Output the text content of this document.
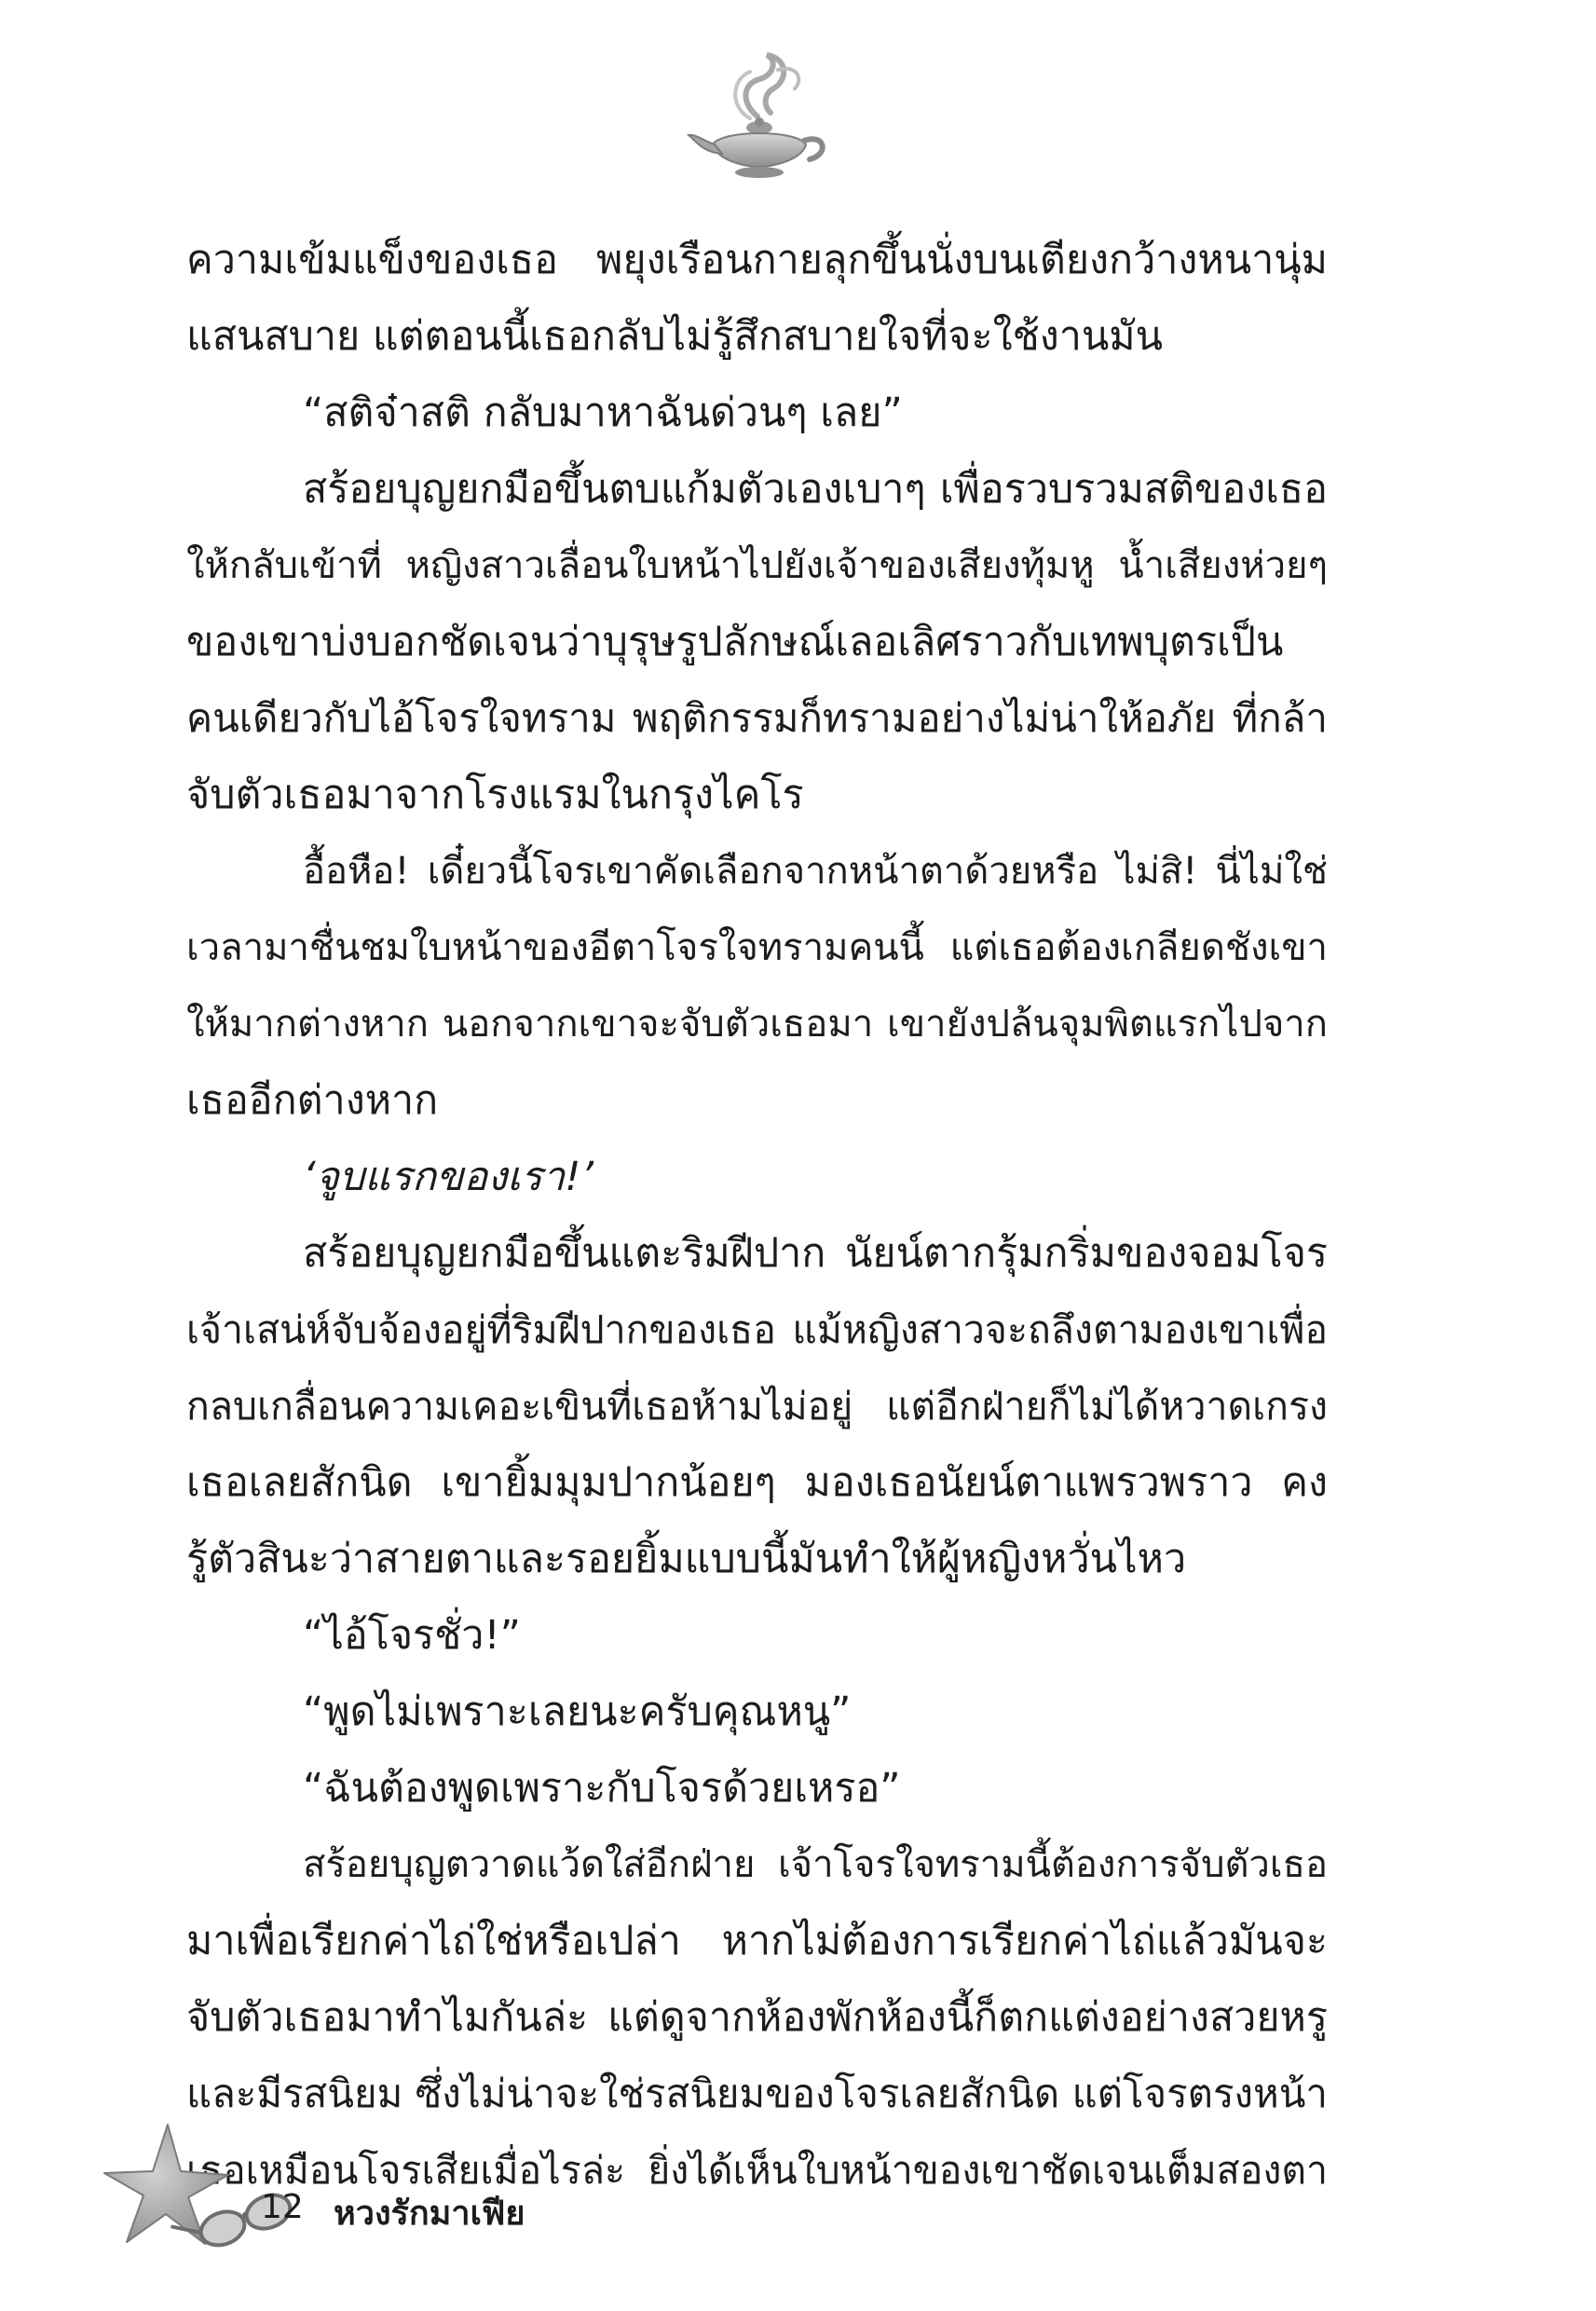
ความเข้มแข็งของเธอ พยุงเรือนกายลุกขึ้นนั่งบนเตียงกว้างหนานุ่ม
แสนสบาย แต่ตอนนี้เธอกลับไม่รู้สึกสบายใจที่จะใช้งานมัน
“สติจ๋าสติ กลับมาหาฉันด่วนๆ เลย”
สร้อยบุญยกมือขึ้นตบแก้มตัวเองเบาๆ เพื่อรวบรวมสติของเธอ
ให้กลับเข้าที่ หญิงสาวเลื่อนใบหน้าไปยังเจ้าของเสียงทุ้มหู น้ำเสียงห่วยๆ
ของเขาบ่งบอกชัดเจนว่าบุรุษรูปลักษณ์เลอเลิศราวกับเทพบุตรเป็น
คนเดียวกับไอ้โจรใจทราม พฤติกรรมก็ทรามอย่างไม่น่าให้อภัย ที่กล้า
จับตัวเธอมาจากโรงแรมในกรุงไคโร
อื้อหือ! เดี๋ยวนี้โจรเขาคัดเลือกจากหน้าตาด้วยหรือ ไม่สิ! นี่ไม่ใช่
เวลามาชื่นชมใบหน้าของอีตาโจรใจทรามคนนี้ แต่เธอต้องเกลียดชังเขา
ให้มากต่างหาก นอกจากเขาจะจับตัวเธอมา เขายังปล้นจุมพิตแรกไปจาก
เธออีกต่างหาก
‘จูบแรกของเรา!’
สร้อยบุญยกมือขึ้นแตะริมฝีปาก นัยน์ตากรุ้มกริ่มของจอมโจร
เจ้าเสน่ห์จับจ้องอยู่ที่ริมฝีปากของเธอ แม้หญิงสาวจะถลึงตามองเขาเพื่อ
กลบเกลื่อนความเคอะเขินที่เธอห้ามไม่อยู่ แต่อีกฝ่ายก็ไม่ได้หวาดเกรง
เธอเลยสักนิด เขายิ้มมุมปากน้อยๆ มองเธอนัยน์ตาแพรวพราว คง
รู้ตัวสินะว่าสายตาและรอยยิ้มแบบนี้มันทำให้ผู้หญิงหวั่นไหว
“ไอ้โจรชั่ว!”
“พูดไม่เพราะเลยนะครับคุณหนู”
“ฉันต้องพูดเพราะกับโจรด้วยเหรอ”
สร้อยบุญตวาดแว้ดใส่อีกฝ่าย เจ้าโจรใจทรามนี้ต้องการจับตัวเธอ
มาเพื่อเรียกค่าไถ่ใช่หรือเปล่า หากไม่ต้องการเรียกค่าไถ่แล้วมันจะ
จับตัวเธอมาทำไมกันล่ะ แต่ดูจากห้องพักห้องนี้ก็ตกแต่งอย่างสวยหรู
และมีรสนิยม ซึ่งไม่น่าจะใช่รสนิยมของโจรเลยสักนิด แต่โจรตรงหน้า
เธอเหมือนโจรเสียเมื่อไรล่ะ ยิ่งได้เห็นใบหน้าของเขาชัดเจนเต็มสองตา
12 หวงรักมาเฟีย
